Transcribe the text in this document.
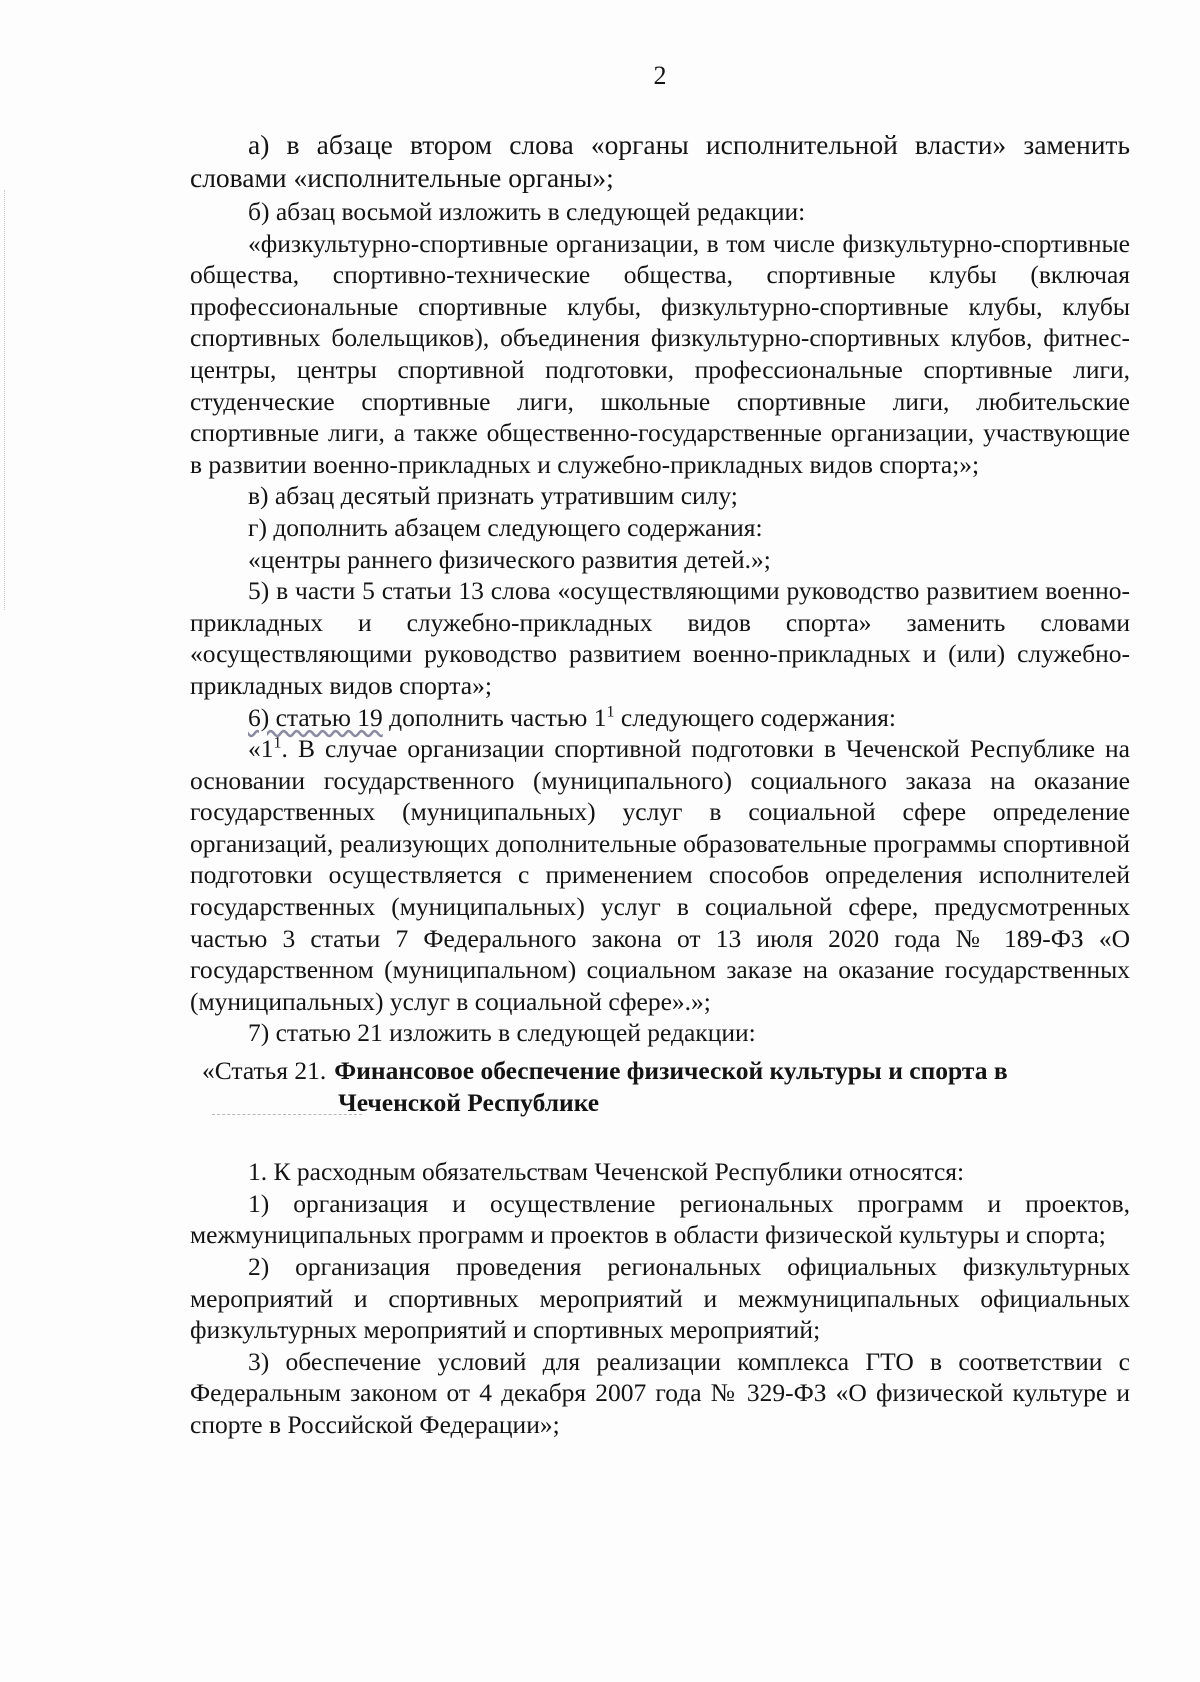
2

а) в абзаце втором слова «органы исполнительной власти» заменить словами «исполнительные органы»;

б) абзац восьмой изложить в следующей редакции:

«физкультурно-спортивные организации, в том числе физкультурно-спортивные общества, спортивно-технические общества, спортивные клубы (включая профессиональные спортивные клубы, физкультурно-спортивные клубы, клубы спортивных болельщиков), объединения физкультурно-спортивных клубов, фитнес-центры, центры спортивной подготовки, профессиональные спортивные лиги, студенческие спортивные лиги, школьные спортивные лиги, любительские спортивные лиги, а также общественно-государственные организации, участвующие в развитии военно-прикладных и служебно-прикладных видов спорта;»;

в) абзац десятый признать утратившим силу;

г) дополнить абзацем следующего содержания:

«центры раннего физического развития детей.»;

5) в части 5 статьи 13 слова «осуществляющими руководство развитием военно-прикладных и служебно-прикладных видов спорта» заменить словами «осуществляющими руководство развитием военно-прикладных и (или) служебно-прикладных видов спорта»;

6) статью 19 дополнить частью $1^1$ следующего содержания:

«$1^1$. В случае организации спортивной подготовки в Чеченской Республике на основании государственного (муниципального) социального заказа на оказание государственных (муниципальных) услуг в социальной сфере определение организаций, реализующих дополнительные образовательные программы спортивной подготовки осуществляется с применением способов определения исполнителей государственных (муниципальных) услуг в социальной сфере, предусмотренных частью 3 статьи 7 Федерального закона от 13 июля 2020 года № 189-ФЗ «О государственном (муниципальном) социальном заказе на оказание государственных (муниципальных) услуг в социальной сфере».»;

7) статью 21 изложить в следующей редакции:

«Статья 21. Финансовое обеспечение физической культуры и спорта в
Чеченской Республике

1. К расходным обязательствам Чеченской Республики относятся:

1) организация и осуществление региональных программ и проектов, межмуниципальных программ и проектов в области физической культуры и спорта;

2) организация проведения региональных официальных физкультурных мероприятий и спортивных мероприятий и межмуниципальных официальных физкультурных мероприятий и спортивных мероприятий;

3) обеспечение условий для реализации комплекса ГТО в соответствии с Федеральным законом от 4 декабря 2007 года № 329-ФЗ «О физической культуре и спорте в Российской Федерации»;
